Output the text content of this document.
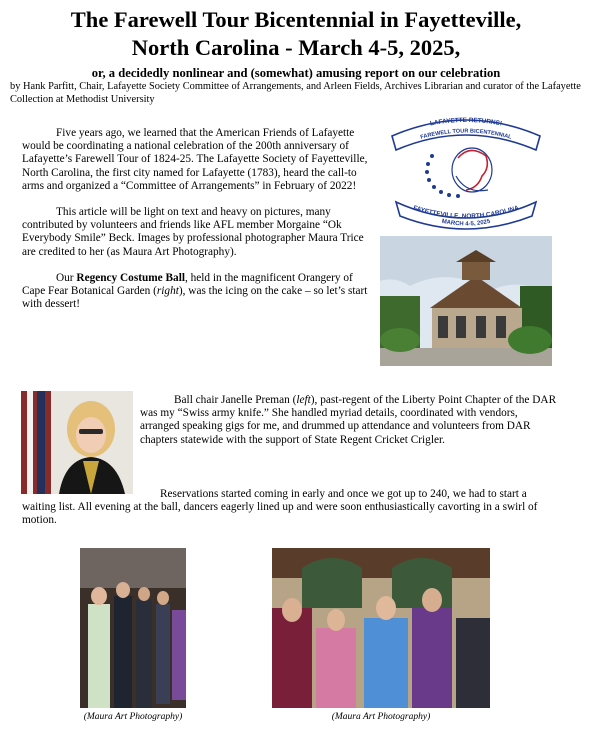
The Farewell Tour Bicentennial in Fayetteville,
North Carolina - March 4-5, 2025,
or, a decidedly nonlinear and (somewhat) amusing report on our celebration
by Hank Parfitt, Chair, Lafayette Society Committee of Arrangements, and Arleen Fields, Archives Librarian and curator of the Lafayette Collection at Methodist University

Five years ago, we learned that the American Friends of Lafayette would be coordinating a national celebration of the 200th anniversary of Lafayette’s Farewell Tour of 1824-25. The Lafayette Society of Fayetteville, North Carolina, the first city named for Lafayette (1783), heard the call-to arms and organized a “Committee of Arrangements” in February of 2022!

This article will be light on text and heavy on pictures, many contributed by volunteers and friends like AFL member Morgaine “Ok Everybody Smile” Beck. Images by professional photographer Maura Trice are credited to her (as Maura Art Photography).

Our Regency Costume Ball, held in the magnificent Orangery of Cape Fear Botanical Garden (right), was the icing on the cake – so let’s start with dessert!

LAFAYETTE RETURNS!
FAREWELL TOUR BICENTENNIAL
FAYETTEVILLE, NORTH CAROLINA
MARCH 4-5, 2025

Ball chair Janelle Preman (left), past-regent of the Liberty Point Chapter of the DAR was my “Swiss army knife.” She handled myriad details, coordinated with vendors, arranged speaking gigs for me, and drummed up attendance and volunteers from DAR chapters statewide with the support of State Regent Cricket Crigler.

Reservations started coming in early and once we got up to 240, we had to start a waiting list. All evening at the ball, dancers eagerly lined up and were soon enthusiastically cavorting in a swirl of motion.

(Maura Art Photography)	(Maura Art Photography)
